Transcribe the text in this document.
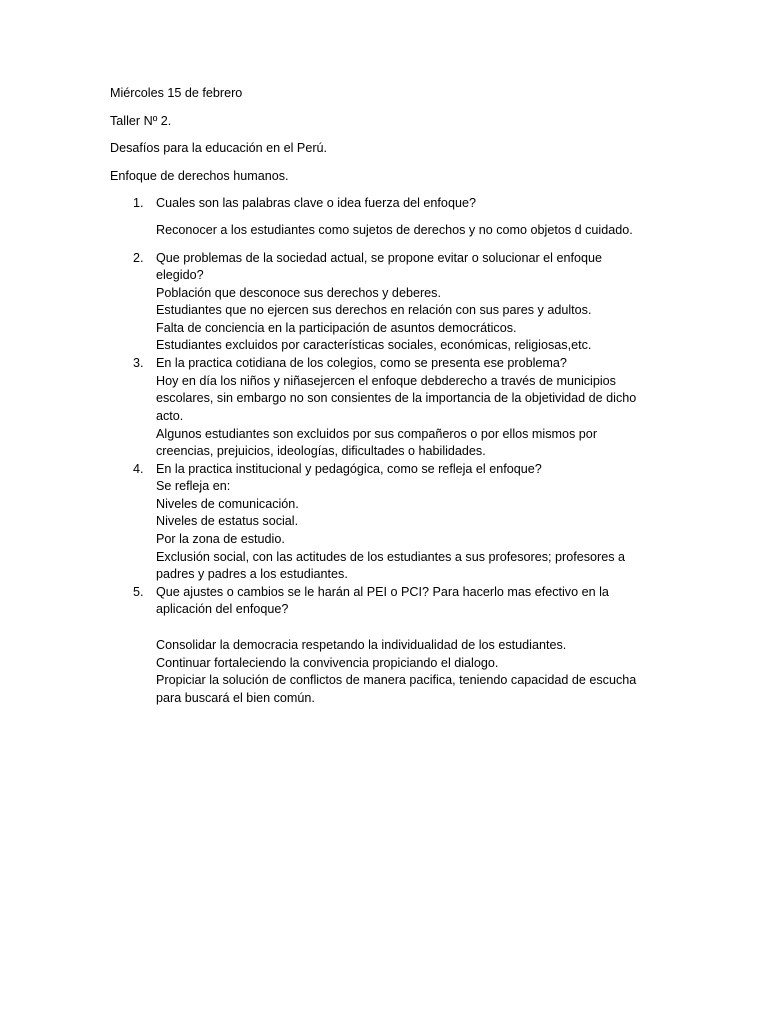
Miércoles 15 de febrero
Taller Nº 2.
Desafíos para la educación en el Perú.
Enfoque de derechos humanos.
1. Cuales son las palabras clave o idea fuerza del enfoque?
Reconocer a los estudiantes como sujetos de derechos y no como objetos d cuidado.
2. Que problemas de la sociedad actual, se propone evitar o solucionar el enfoque
elegido?
Población que desconoce sus derechos y deberes.
Estudiantes que no ejercen sus derechos en relación con sus pares y adultos.
Falta de conciencia en la participación de asuntos democráticos.
Estudiantes excluidos por características sociales, económicas, religiosas,etc.
3. En la practica cotidiana de los colegios, como se presenta ese problema?
Hoy en día los niños y niñasejercen el enfoque debderecho a través de municipios
escolares, sin embargo no son consientes de la importancia de la objetividad de dicho
acto.
Algunos estudiantes son excluidos por sus compañeros o por ellos mismos por
creencias, prejuicios, ideologías, dificultades o habilidades.
4. En la practica institucional y pedagógica, como se refleja el enfoque?
Se refleja en:
Niveles de comunicación.
Niveles de estatus social.
Por la zona de estudio.
Exclusión social, con las actitudes de los estudiantes a sus profesores; profesores a
padres y padres a los estudiantes.
5. Que ajustes o cambios se le harán al PEI o PCI? Para hacerlo mas efectivo en la
aplicación del enfoque?
Consolidar la democracia respetando la individualidad de los estudiantes.
Continuar fortaleciendo la convivencia propiciando el dialogo.
Propiciar la solución de conflictos de manera pacifica, teniendo capacidad de escucha
para buscará el bien común.
